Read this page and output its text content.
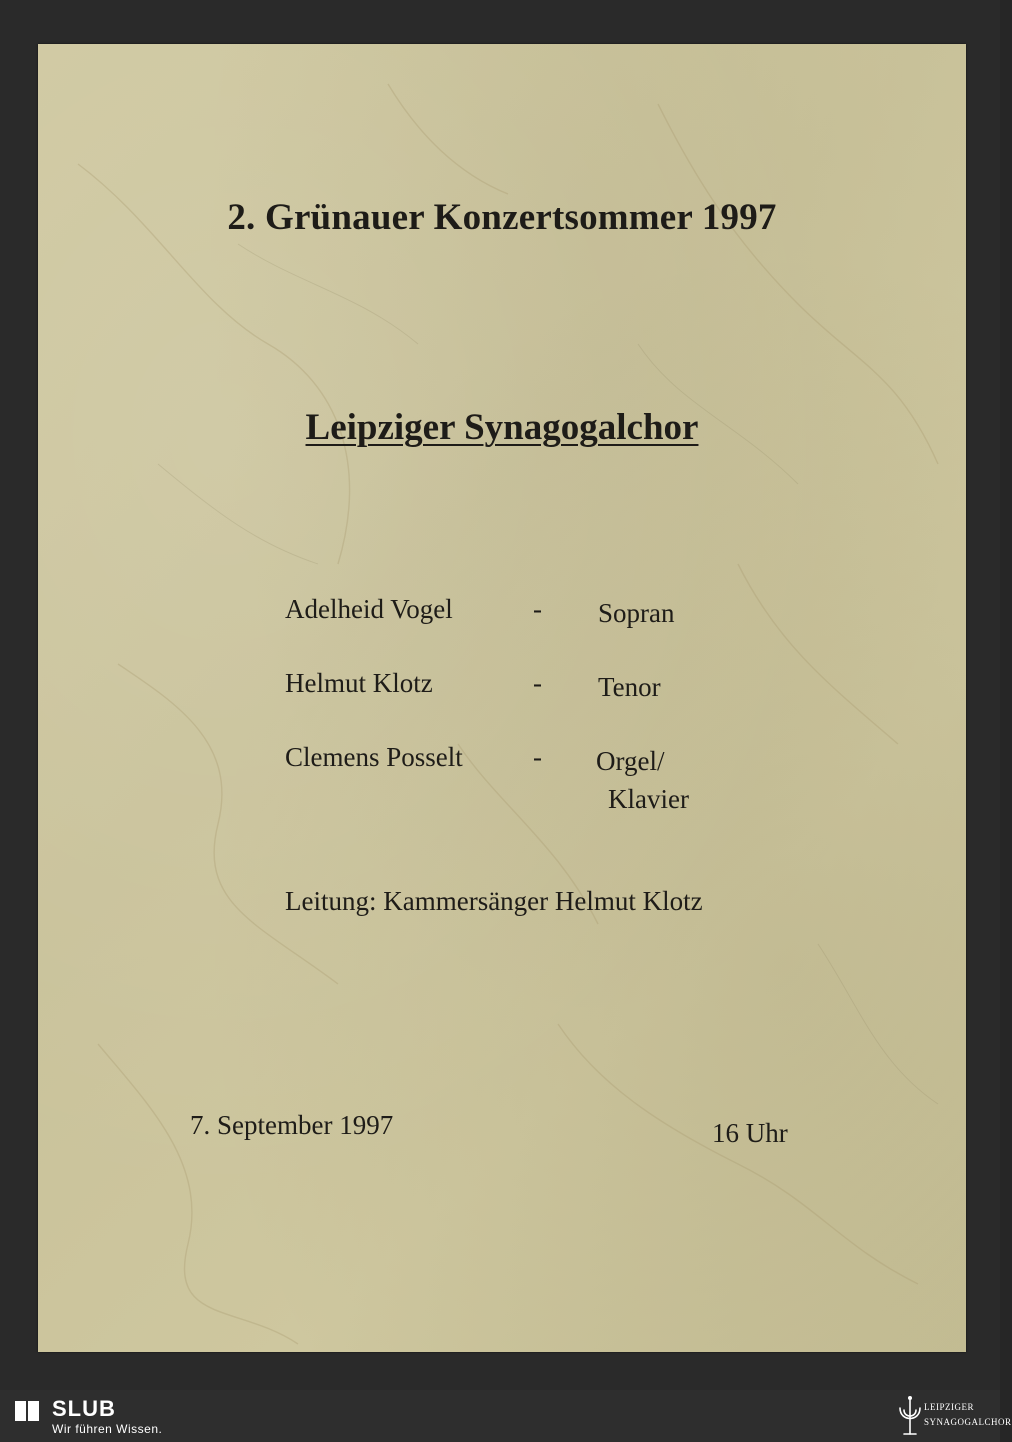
2. Grünauer Konzertsommer 1997
Leipziger Synagogalchor
Adelheid Vogel	- Sopran
Helmut Klotz	- Tenor
Clemens Posselt	- Orgel/
Klavier
Leitung: Kammersänger Helmut Klotz
7. September 1997	16 Uhr
SLUB
Wir führen Wissen.
LEIPZIGER
SYNAGOGALCHOR
